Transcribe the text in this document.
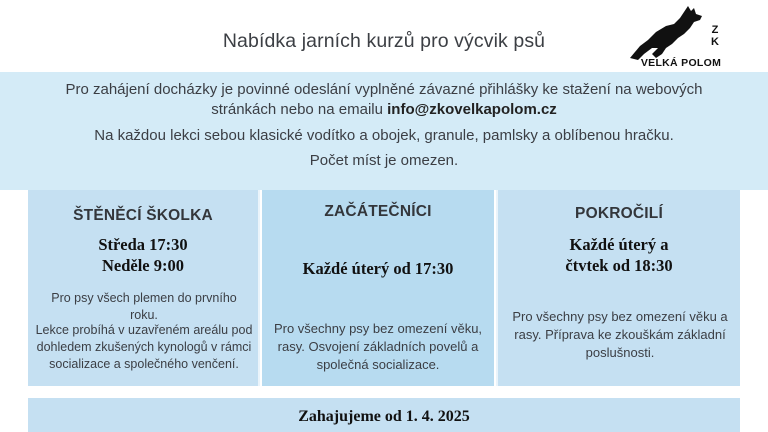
Nabídka jarních kurzů pro výcvik psů	Z
K
VELKÁ POLOM

Pro zahájení docházky je povinné odeslání vyplněné závazné přihlášky ke stažení na webových stránkách nebo na emailu info@zkovelkapolom.cz

Na každou lekci sebou klasické vodítko a obojek, granule, pamlsky a oblíbenou hračku.

Počet míst je omezen.

ŠTĚNĚCÍ ŠKOLKA
Středa 17:30
Neděle 9:00

Pro psy všech plemen do prvního roku.

Lekce probíhá v uzavřeném areálu pod dohledem zkušených kynologů v rámci socializace a společného venčení.

ZAČÁTEČNÍCI
Každé úterý od 17:30

Pro všechny psy bez omezení věku, rasy. Osvojení základních povelů a společná socializace.

POKROČILÍ
Každé úterý a
čtvtek od 18:30

Pro všechny psy bez omezení věku a rasy. Příprava ke zkouškám základní poslušnosti.

Zahajujeme od 1. 4. 2025
